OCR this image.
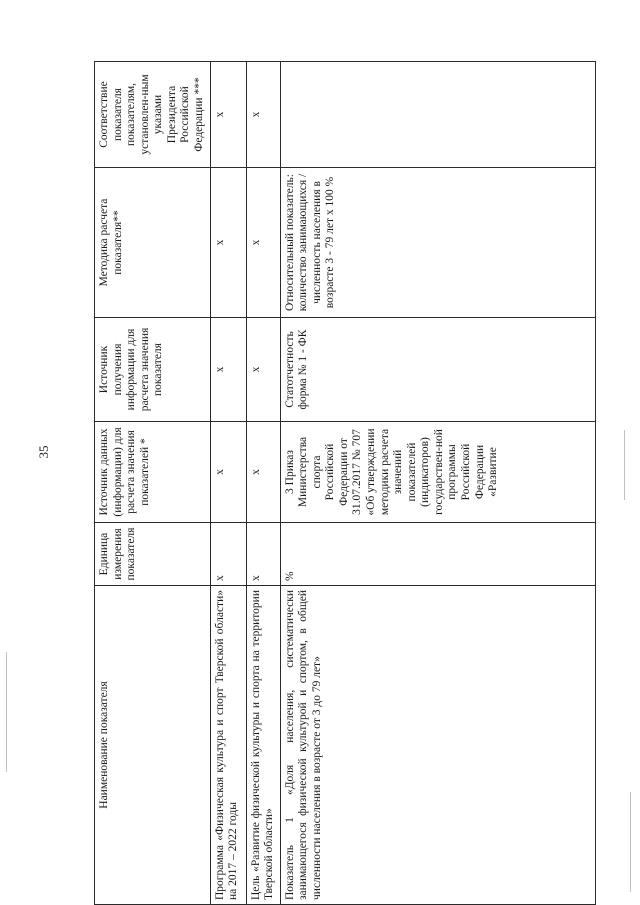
35
Наименование показателя	Единица измерения показателя	Источник данных (информации) для расчета значения показателей *	Источник получения информации для расчета значения показателя	Методика расчета показателя**	Соответствие показателя показателям, установлен-ным указами Президента Российской Федерации ***
Программа «Физическая культура и спорт Тверской области» на 2017 – 2022 годы	х	х	х	х	х
Цель «Развитие физической культуры и спорта на территории Тверской области»	х	х	х	х	х
Показатель 1 «Доля населения, систематически занимающегося физической культурой и спортом, в общей численности населения в возрасте от 3 до 79 лет»	%	3 Приказ Министерства спорта Российской Федерации от 31.07.2017 № 707 «Об утверждении методики расчета значений показателей (индикаторов) государствен-ной программы Российской Федерации «Развитие	Статотчетность форма № 1 - ФК	Относительный показатель: количество занимающихся / численность населения в возрасте 3 - 79 лет х 100 %	
